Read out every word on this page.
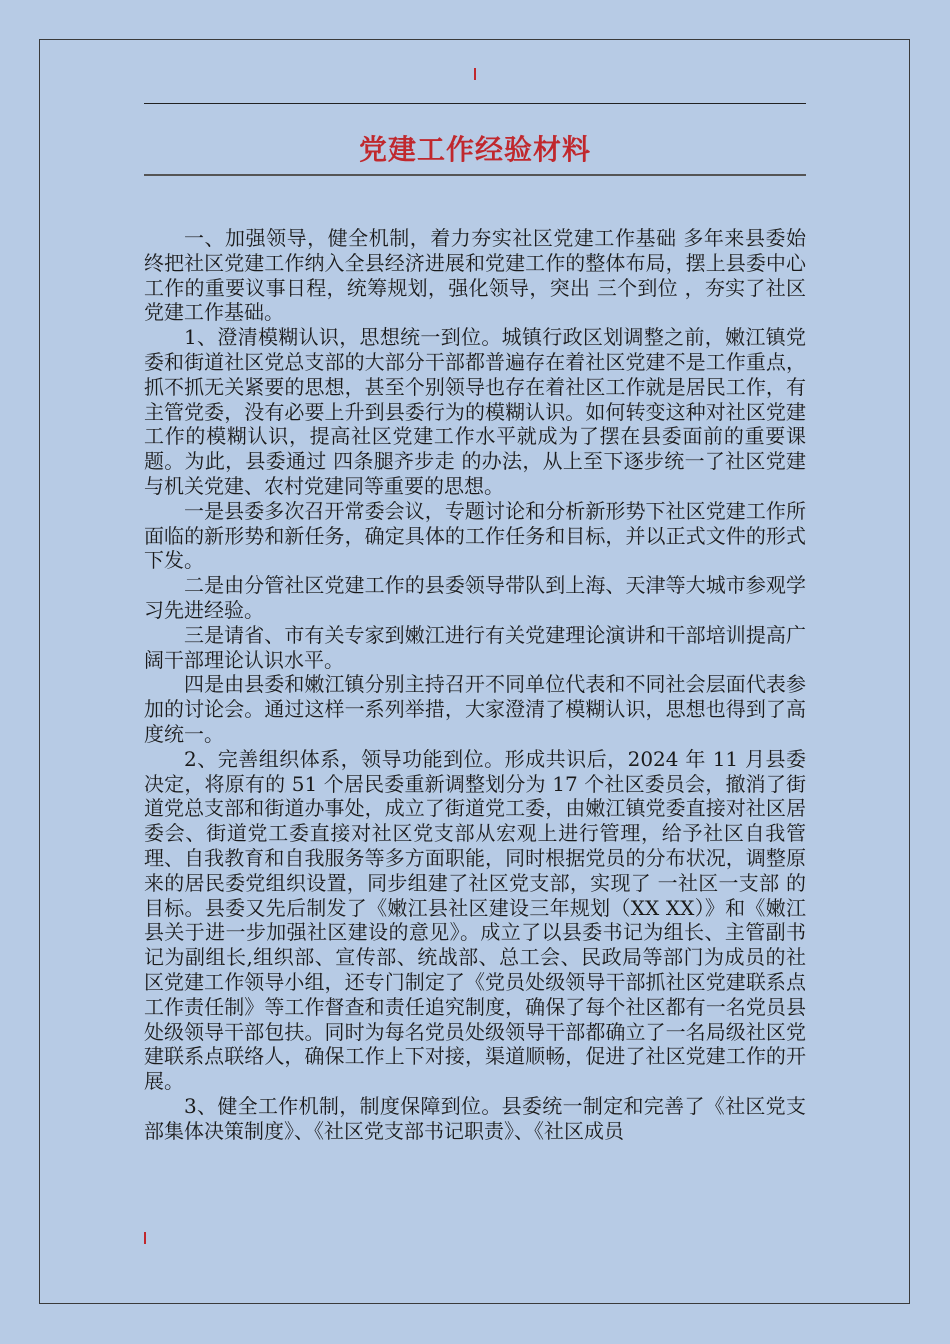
党建工作经验材料

一、加强领导，健全机制，着力夯实社区党建工作基础 多年来县委始终把社区党建工作纳入全县经济进展和党建工作的整体布局，摆上县委中心工作的重要议事日程，统筹规划，强化领导，突出 三个到位 ，夯实了社区党建工作基础。

1、澄清模糊认识，思想统一到位。城镇行政区划调整之前，嫩江镇党委和街道社区党总支部的大部分干部都普遍存在着社区党建不是工作重点，抓不抓无关紧要的思想，甚至个别领导也存在着社区工作就是居民工作，有主管党委，没有必要上升到县委行为的模糊认识。如何转变这种对社区党建工作的模糊认识，提高社区党建工作水平就成为了摆在县委面前的重要课题。为此，县委通过 四条腿齐步走 的办法，从上至下逐步统一了社区党建与机关党建、农村党建同等重要的思想。

一是县委多次召开常委会议，专题讨论和分析新形势下社区党建工作所面临的新形势和新任务，确定具体的工作任务和目标，并以正式文件的形式下发。

二是由分管社区党建工作的县委领导带队到上海、天津等大城市参观学习先进经验。

三是请省、市有关专家到嫩江进行有关党建理论演讲和干部培训提高广阔干部理论认识水平。

四是由县委和嫩江镇分别主持召开不同单位代表和不同社会层面代表参加的讨论会。通过这样一系列举措，大家澄清了模糊认识，思想也得到了高度统一。

2、完善组织体系，领导功能到位。形成共识后，2024 年 11 月县委决定，将原有的 51 个居民委重新调整划分为 17 个社区委员会，撤消了街道党总支部和街道办事处，成立了街道党工委，由嫩江镇党委直接对社区居委会、街道党工委直接对社区党支部从宏观上进行管理，给予社区自我管理、自我教育和自我服务等多方面职能，同时根据党员的分布状况，调整原来的居民委党组织设置，同步组建了社区党支部，实现了 一社区一支部 的目标。县委又先后制发了《嫩江县社区建设三年规划（XX XX）》和《嫩江县关于进一步加强社区建设的意见》。成立了以县委书记为组长、主管副书记为副组长,组织部、宣传部、统战部、总工会、民政局等部门为成员的社区党建工作领导小组，还专门制定了《党员处级领导干部抓社区党建联系点工作责任制》等工作督查和责任追究制度，确保了每个社区都有一名党员县处级领导干部包扶。同时为每名党员处级领导干部都确立了一名局级社区党建联系点联络人，确保工作上下对接，渠道顺畅，促进了社区党建工作的开展。

3、健全工作机制，制度保障到位。县委统一制定和完善了《社区党支部集体决策制度》、《社区党支部书记职责》、《社区成员
